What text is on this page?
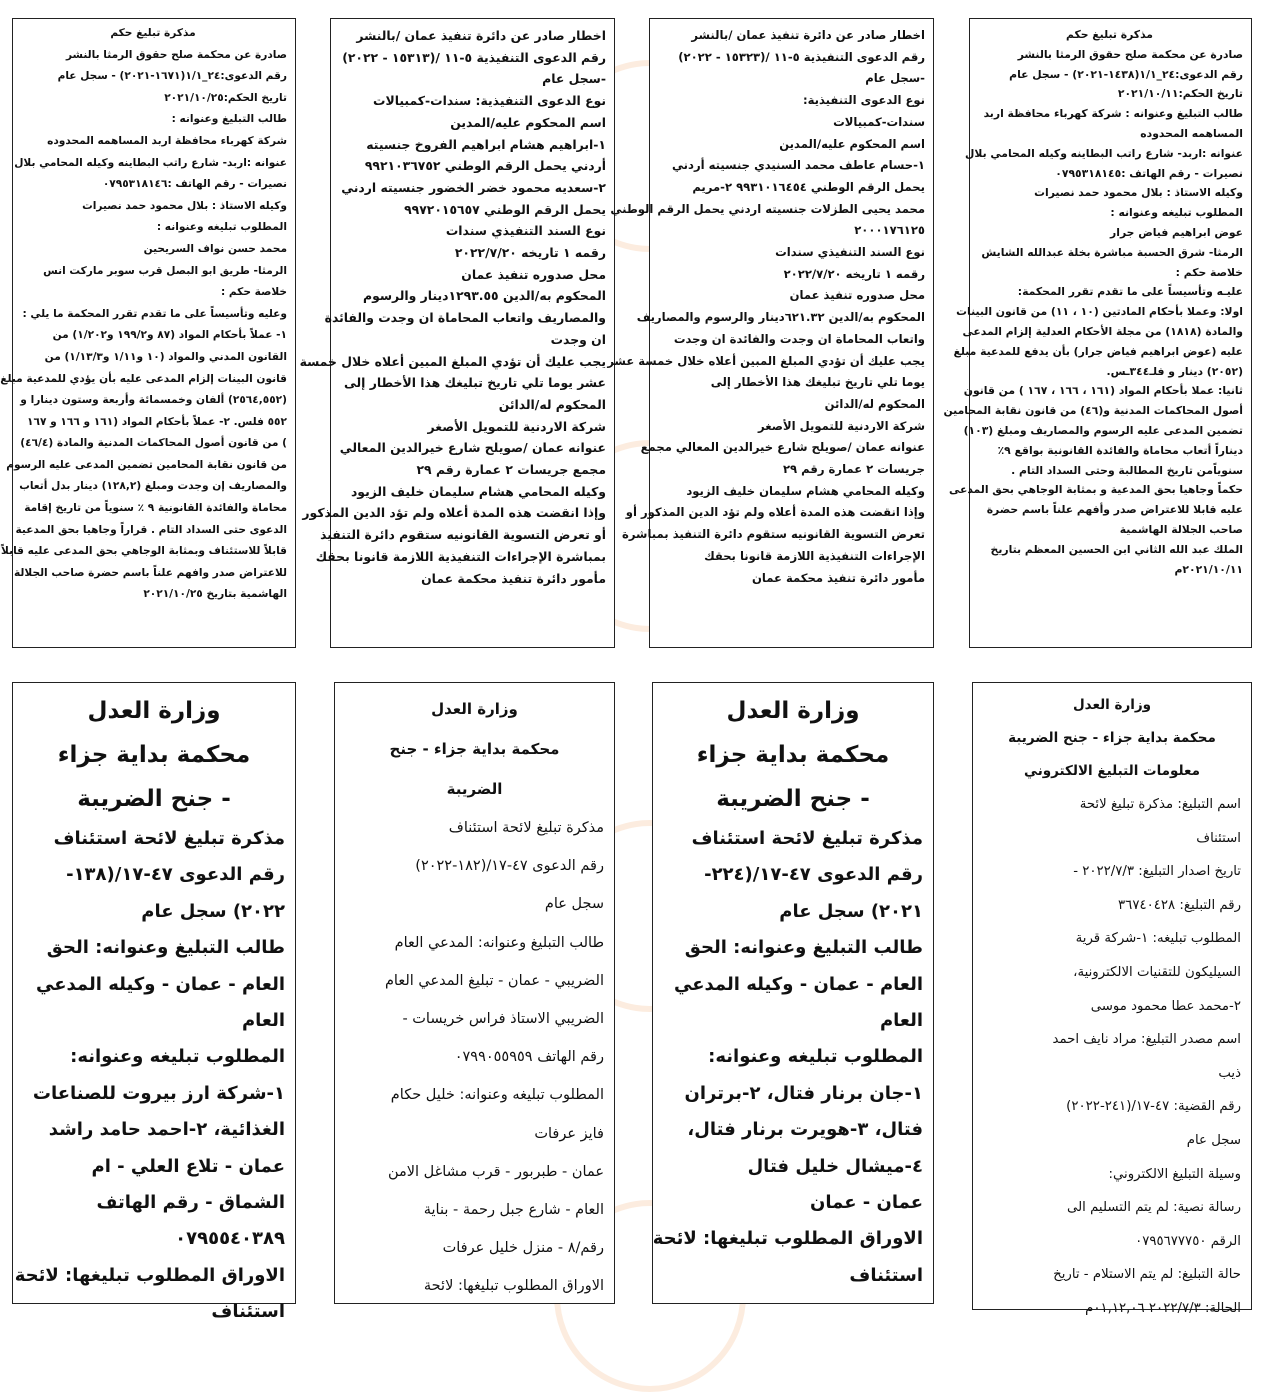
مذكرة تبليغ حكم
صادرة عن محكمة صلح حقوق الرمثا بالنشر
رقم الدعوى:٢٤_١/١(١٦٧١-٢٠٢١) - سجل عام
تاريخ الحكم:٢٠٢١/١٠/٢٥
طالب التبليغ وعنوانه :
شركة كهرباء محافظة اربد المساهمه المحدوده
عنوانه :اربد- شارع راتب البطاينه وكيله المحامي بلال
نصيرات - رقم الهاتف :٠٧٩٥٣١٨١٤٦
وكيله الاستاذ : بلال محمود حمد نصيرات
المطلوب تبليغه وعنوانه :
محمد حسن نواف السريحين
الرمثا- طريق ابو البصل قرب سوبر ماركت انس
خلاصة حكم :
وعليه وتأسيساً على ما تقدم تقرر المحكمة ما يلي :
١- عملاً بأحكام المواد (٨٧ و١٩٩/٢ و١/٢٠٢) من
القانون المدني والمواد (١٠ و١/١١ و١/١٣/٣) من
قانون البينات إلزام المدعى عليه بأن يؤدي للمدعية مبلغ
(٢٥٦٤,٥٥٢) ألفان وخمسمائة وأربعة وستون دينارا و
٥٥٢ فلس. ٢- عملاً بأحكام المواد (١٦١ و ١٦٦ و ١٦٧
) من قانون أصول المحاكمات المدنية والمادة (٤٦/٤)
من قانون نقابة المحامين تضمين المدعى عليه الرسوم
والمصاريف إن وجدت ومبلغ (١٢٨,٢) دينار بدل أتعاب
محاماة والفائدة القانونية ٩ ٪ سنوياً من تاريخ إقامة
الدعوى حتى السداد التام . قراراً وجاهيا بحق المدعية
قابلاً للاستئناف وبمثابة الوجاهي بحق المدعى عليه قابلاً
للاعتراض صدر وافهم علناً باسم حضرة صاحب الجلالة
الهاشمية بتاريخ ٢٠٢١/١٠/٢٥
اخطار صادر عن دائرة تنفيذ عمان /بالنشر
رقم الدعوى التنفيذية ٥-١١ /(١٥٣١٣ - ٢٠٢٢)
-سجل عام
نوع الدعوى التنفيذية: سندات-كمبيالات
اسم المحكوم عليه/المدين
١-ابراهيم هشام ابراهيم الفروخ جنسيته
أردني يحمل الرقم الوطني ٩٩٢١٠٣٦٧٥٢
٢-سعديه محمود خضر الخضور جنسيته اردني
يحمل الرقم الوطني ٩٩٧٢٠١٥٦٥٧
نوع السند التنفيذي سندات
رقمه ١ تاريخه ٢٠٢٢/٧/٢٠
محل صدوره تنفيذ عمان
المحكوم به/الدين ١٢٩٣.٥٥دينار والرسوم
والمصاريف واتعاب المحاماة ان وجدت والفائدة
ان وجدت
يجب عليك أن تؤدي المبلغ المبين أعلاه خلال خمسة
عشر يوما تلي تاريخ تبليغك هذا الأخطار إلى
المحكوم له/الدائن
شركة الاردنية للتمويل الأصغر
عنوانه عمان /صويلح شارع خيرالدين المعالي
مجمع جريسات ٢ عمارة رقم ٢٩
وكيله المحامي هشام سليمان خليف الزيود
وإذا انقضت هذه المدة أعلاه ولم تؤد الدين المذكور
أو تعرض التسوية القانونيه ستقوم دائرة التنفيذ
بمباشرة الإجراءات التنفيذية اللازمة قانونا بحقك
مأمور دائرة تنفيذ محكمة عمان
اخطار صادر عن دائرة تنفيذ عمان /بالنشر
رقم الدعوى التنفيذية ٥-١١ /(١٥٣٢٣ - ٢٠٢٢)
-سجل عام
نوع الدعوى التنفيذية:
سندات-كمبيالات
اسم المحكوم عليه/المدين
١-حسام عاطف محمد السنيدي جنسيته أردني
يحمل الرقم الوطني ٩٩٣١٠١٦٤٥٤ ٢-مريم
محمد يحيى الطزلات جنسيته اردني يحمل الرقم الوطني
٢٠٠٠١٧٦١٢٥
نوع السند التنفيذي سندات
رقمه ١ تاريخه ٢٠٢٢/٧/٢٠
محل صدوره تنفيذ عمان
المحكوم به/الدين ٦٢١.٣٢دينار والرسوم والمصاريف
واتعاب المحاماة ان وجدت والفائدة ان وجدت
يجب عليك أن تؤدي المبلغ المبين أعلاه خلال خمسة عشر
يوما تلي تاريخ تبليغك هذا الأخطار إلى
المحكوم له/الدائن
شركة الاردنية للتمويل الأصغر
عنوانه عمان /صويلح شارع خيرالدين المعالي مجمع
جريسات ٢ عمارة رقم ٢٩
وكيله المحامي هشام سليمان خليف الزيود
وإذا انقضت هذه المدة أعلاه ولم تؤد الدين المذكور أو
تعرض التسوية القانونيه ستقوم دائرة التنفيذ بمباشرة
الإجراءات التنفيذية اللازمة قانونا بحقك
مأمور دائرة تنفيذ محكمة عمان
مذكرة تبليغ حكم
صادرة عن محكمة صلح حقوق الرمثا بالنشر
رقم الدعوى:٢٤_١/١(١٤٣٨-٢٠٢١) - سجل عام
تاريخ الحكم:٢٠٢١/١٠/١١
طالب التبليغ وعنوانه : شركة كهرباء محافظة اربد
المساهمه المحدوده
عنوانه :اربد- شارع راتب البطاينه وكيله المحامي بلال
نصيرات - رقم الهاتف :٠٧٩٥٣١٨١٤٥
وكيله الاستاذ : بلال محمود حمد نصيرات
المطلوب تبليغه وعنوانه :
عوض ابراهيم فياض جرار
الرمثا- شرق الحسبة مباشرة بخلة عبدالله الشايش
خلاصة حكم :
عليـه وتأسيساً على ما تقدم تقرر المحكمة:
اولا: وعملا بأحكام المادتين (١٠ ، ١١) من قانون البينات
والمادة (١٨١٨) من مجلة الأحكام العدلية إلزام المدعى
عليه (عوض ابراهيم فياض جرار) بأن يدفع للمدعية مبلغ
(٢٠٥٢) دينار و فلـ٣٤٤ـس.
ثانيا: عملا بأحكام المواد (١٦١ ، ١٦٦ ، ١٦٧ ) من قانون
أصول المحاكمات المدنية و(٤٦) من قانون نقابة المحامين
تضمين المدعى عليه الرسوم والمصاريف ومبلغ (١٠٣)
ديناراً أتعاب محاماة والفائدة القانونية بواقع ٩٪
سنوياًمن تاريخ المطالبة وحتى السداد التام .
حكماً وجاهيا بحق المدعية و بمثابة الوجاهي بحق المدعى
عليه قابلا للاعتراض صدر وأفهم علناً باسم حضرة
صاحب الجلالة الهاشمية
الملك عبد الله الثاني ابن الحسين المعظم بتاريخ
٢٠٢١/١٠/١١م
وزارة العدل
محكمة بداية جزاء
- جنح الضريبة
مذكرة تبليغ لائحة استئناف
رقم الدعوى ٤٧-١٧/(١٣٨-
٢٠٢٢) سجل عام
طالب التبليغ وعنوانه: الحق
العام - عمان - وكيله المدعي
العام
المطلوب تبليغه وعنوانه:
١-شركة ارز بيروت للصناعات
الغذائية، ٢-احمد حامد راشد
عمان - تلاع العلي - ام
الشماق - رقم الهاتف
٠٧٩٥٥٤٠٣٨٩
الاوراق المطلوب تبليغها: لائحة
استئناف
وزارة العدل
محكمة بداية جزاء - جنح
الضريبة
مذكرة تبليغ لائحة استئناف
رقم الدعوى ٤٧-١٧/(١٨٢-٢٠٢٢)
سجل عام
طالب التبليغ وعنوانه: المدعي العام
الضريبي - عمان - تبليغ المدعي العام
الضريبي الاستاذ فراس خريسات -
رقم الهاتف ٠٧٩٩٠٥٥٩٥٩
المطلوب تبليغه وعنوانه: خليل حكام
فايز عرفات
عمان - طبربور - قرب مشاغل الامن
العام - شارع جبل رحمة - بناية
رقم/٨ - منزل خليل عرفات
الاوراق المطلوب تبليغها: لائحة
وزارة العدل
محكمة بداية جزاء
- جنح الضريبة
مذكرة تبليغ لائحة استئناف
رقم الدعوى ٤٧-١٧/(٢٢٤-
٢٠٢١) سجل عام
طالب التبليغ وعنوانه: الحق
العام - عمان - وكيله المدعي
العام
المطلوب تبليغه وعنوانه:
١-جان برنار فتال، ٢-برتران
فتال، ٣-هويرت برنار فتال،
٤-ميشال خليل فتال
عمان - عمان
الاوراق المطلوب تبليغها: لائحة
استئناف
وزارة العدل
محكمة بداية جزاء - جنح الضريبة
معلومات التبليغ الالكتروني
اسم التبليغ: مذكرة تبليغ لائحة
استئناف
تاريخ اصدار التبليغ: ٢٠٢٢/٧/٣ -
رقم التبليغ: ٣٦٧٤٠٤٢٨
المطلوب تبليغه: ١-شركة قرية
السيليكون للتقنيات الالكترونية،
٢-محمد عطا محمود موسى
اسم مصدر التبليغ: مراد نايف احمد
ذيب
رقم القضية: ٤٧-١٧/(٢٤١-٢٠٢٢)
سجل عام
وسيلة التبليغ الالكتروني:
رسالة نصية: لم يتم التسليم الى
الرقم ٠٧٩٥٦٧٧٧٥٠
حالة التبليغ: لم يتم الاستلام - تاريخ
الحالة: ٢٠٢٢/٧/٣ ٠١,١٢,٠٦م
